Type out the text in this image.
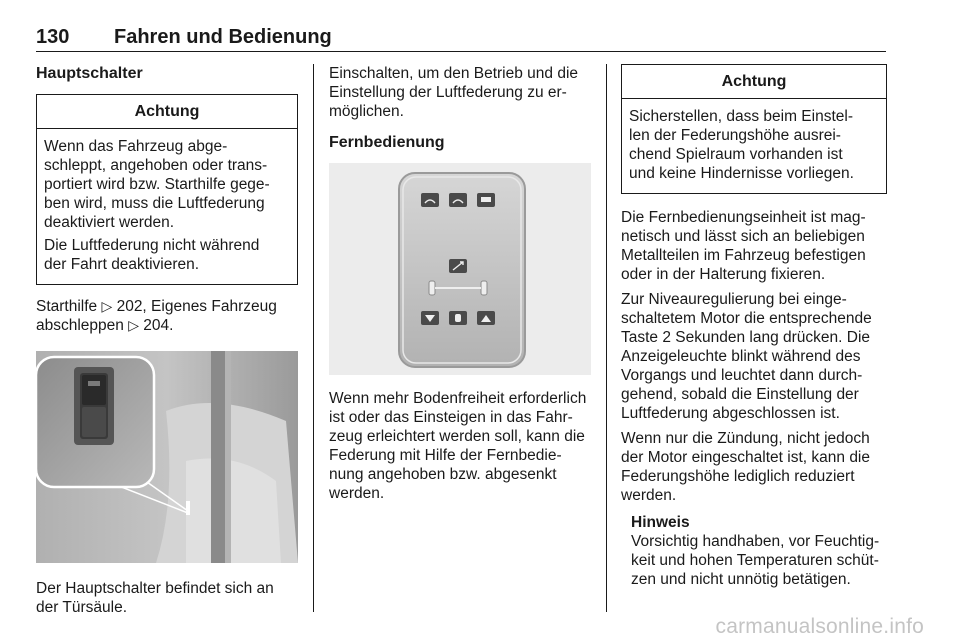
130 Fahren und Bedienung
Hauptschalter
Achtung

Wenn das Fahrzeug abge-
schleppt, angehoben oder trans-
portiert wird bzw. Starthilfe gege-
ben wird, muss die Luftfederung
deaktiviert werden.

Die Luftfederung nicht während
der Fahrt deaktivieren.

Starthilfe ▷ 202, Eigenes Fahrzeug
abschleppen ▷ 204.

Der Hauptschalter befindet sich an
der Türsäule.

Einschalten, um den Betrieb und die
Einstellung der Luftfederung zu er-
möglichen.

Fernbedienung

Wenn mehr Bodenfreiheit erforderlich
ist oder das Einsteigen in das Fahr-
zeug erleichtert werden soll, kann die
Federung mit Hilfe der Fernbedie-
nung angehoben bzw. abgesenkt
werden.

Achtung

Sicherstellen, dass beim Einstel-
len der Federungshöhe ausrei-
chend Spielraum vorhanden ist
und keine Hindernisse vorliegen.

Die Fernbedienungseinheit ist mag-
netisch und lässt sich an beliebigen
Metallteilen im Fahrzeug befestigen
oder in der Halterung fixieren.

Zur Niveauregulierung bei einge-
schaltetem Motor die entsprechende
Taste 2 Sekunden lang drücken. Die
Anzeigeleuchte blinkt während des
Vorgangs und leuchtet dann durch-
gehend, sobald die Einstellung der
Luftfederung abgeschlossen ist.

Wenn nur die Zündung, nicht jedoch
der Motor eingeschaltet ist, kann die
Federungshöhe lediglich reduziert
werden.

Hinweis

Vorsichtig handhaben, vor Feuchtig-
keit und hohen Temperaturen schüt-
zen und nicht unnötig betätigen.

carmanualsonline.info
